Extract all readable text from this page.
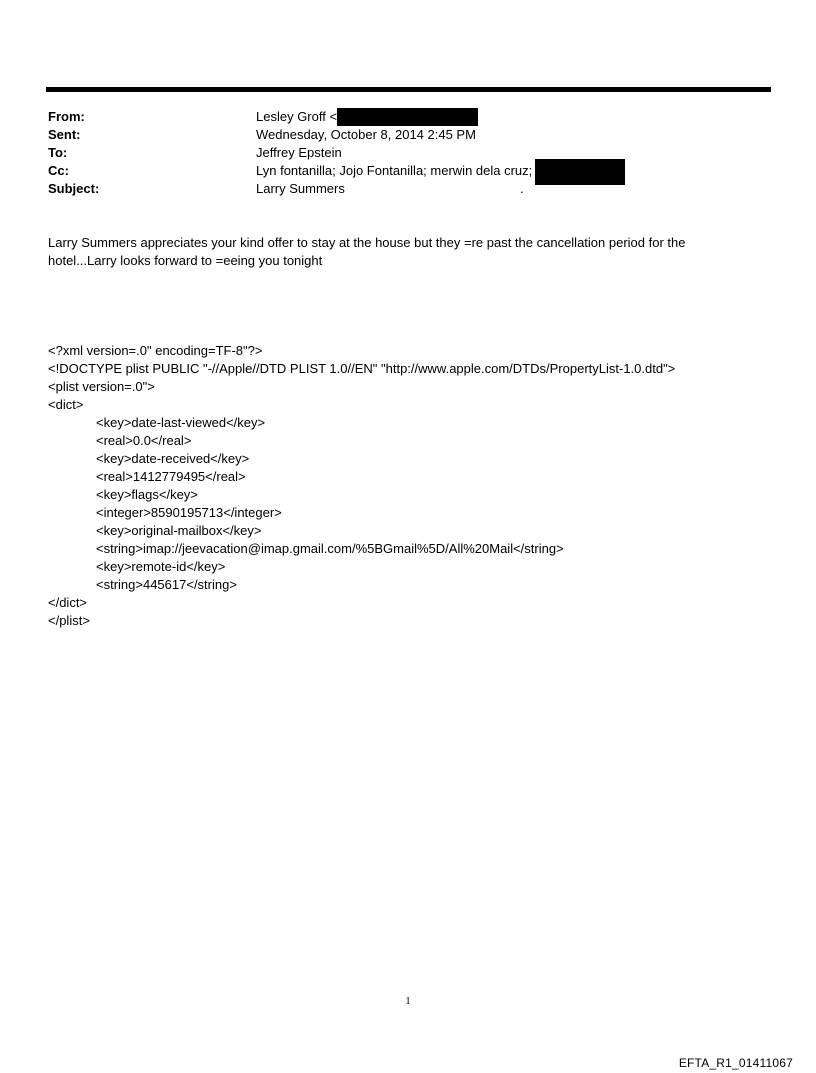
From:	Lesley Groff <
Sent:	Wednesday, October 8, 2014 2:45 PM
To:	Jeffrey Epstein
Cc:	Lyn fontanilla; Jojo Fontanilla; merwin dela cruz;
Subject:	Larry Summers	.
Larry Summers appreciates your kind offer to stay at the house but they =re past the cancellation period for the
hotel...Larry looks forward to =eeing you tonight
<?xml version=.0" encoding=TF-8"?>
<!DOCTYPE plist PUBLIC "-//Apple//DTD PLIST 1.0//EN" "http://www.apple.com/DTDs/PropertyList-1.0.dtd">
<plist version=.0">
<dict>
<key>date-last-viewed</key>
<real>0.0</real>
<key>date-received</key>
<real>1412779495</real>
<key>flags</key>
<integer>8590195713</integer>
<key>original-mailbox</key>
<string>imap://jeevacation@imap.gmail.com/%5BGmail%5D/All%20Mail</string>
<key>remote-id</key>
<string>445617</string>
</dict>
</plist>
1
EFTA_R1_01411067
